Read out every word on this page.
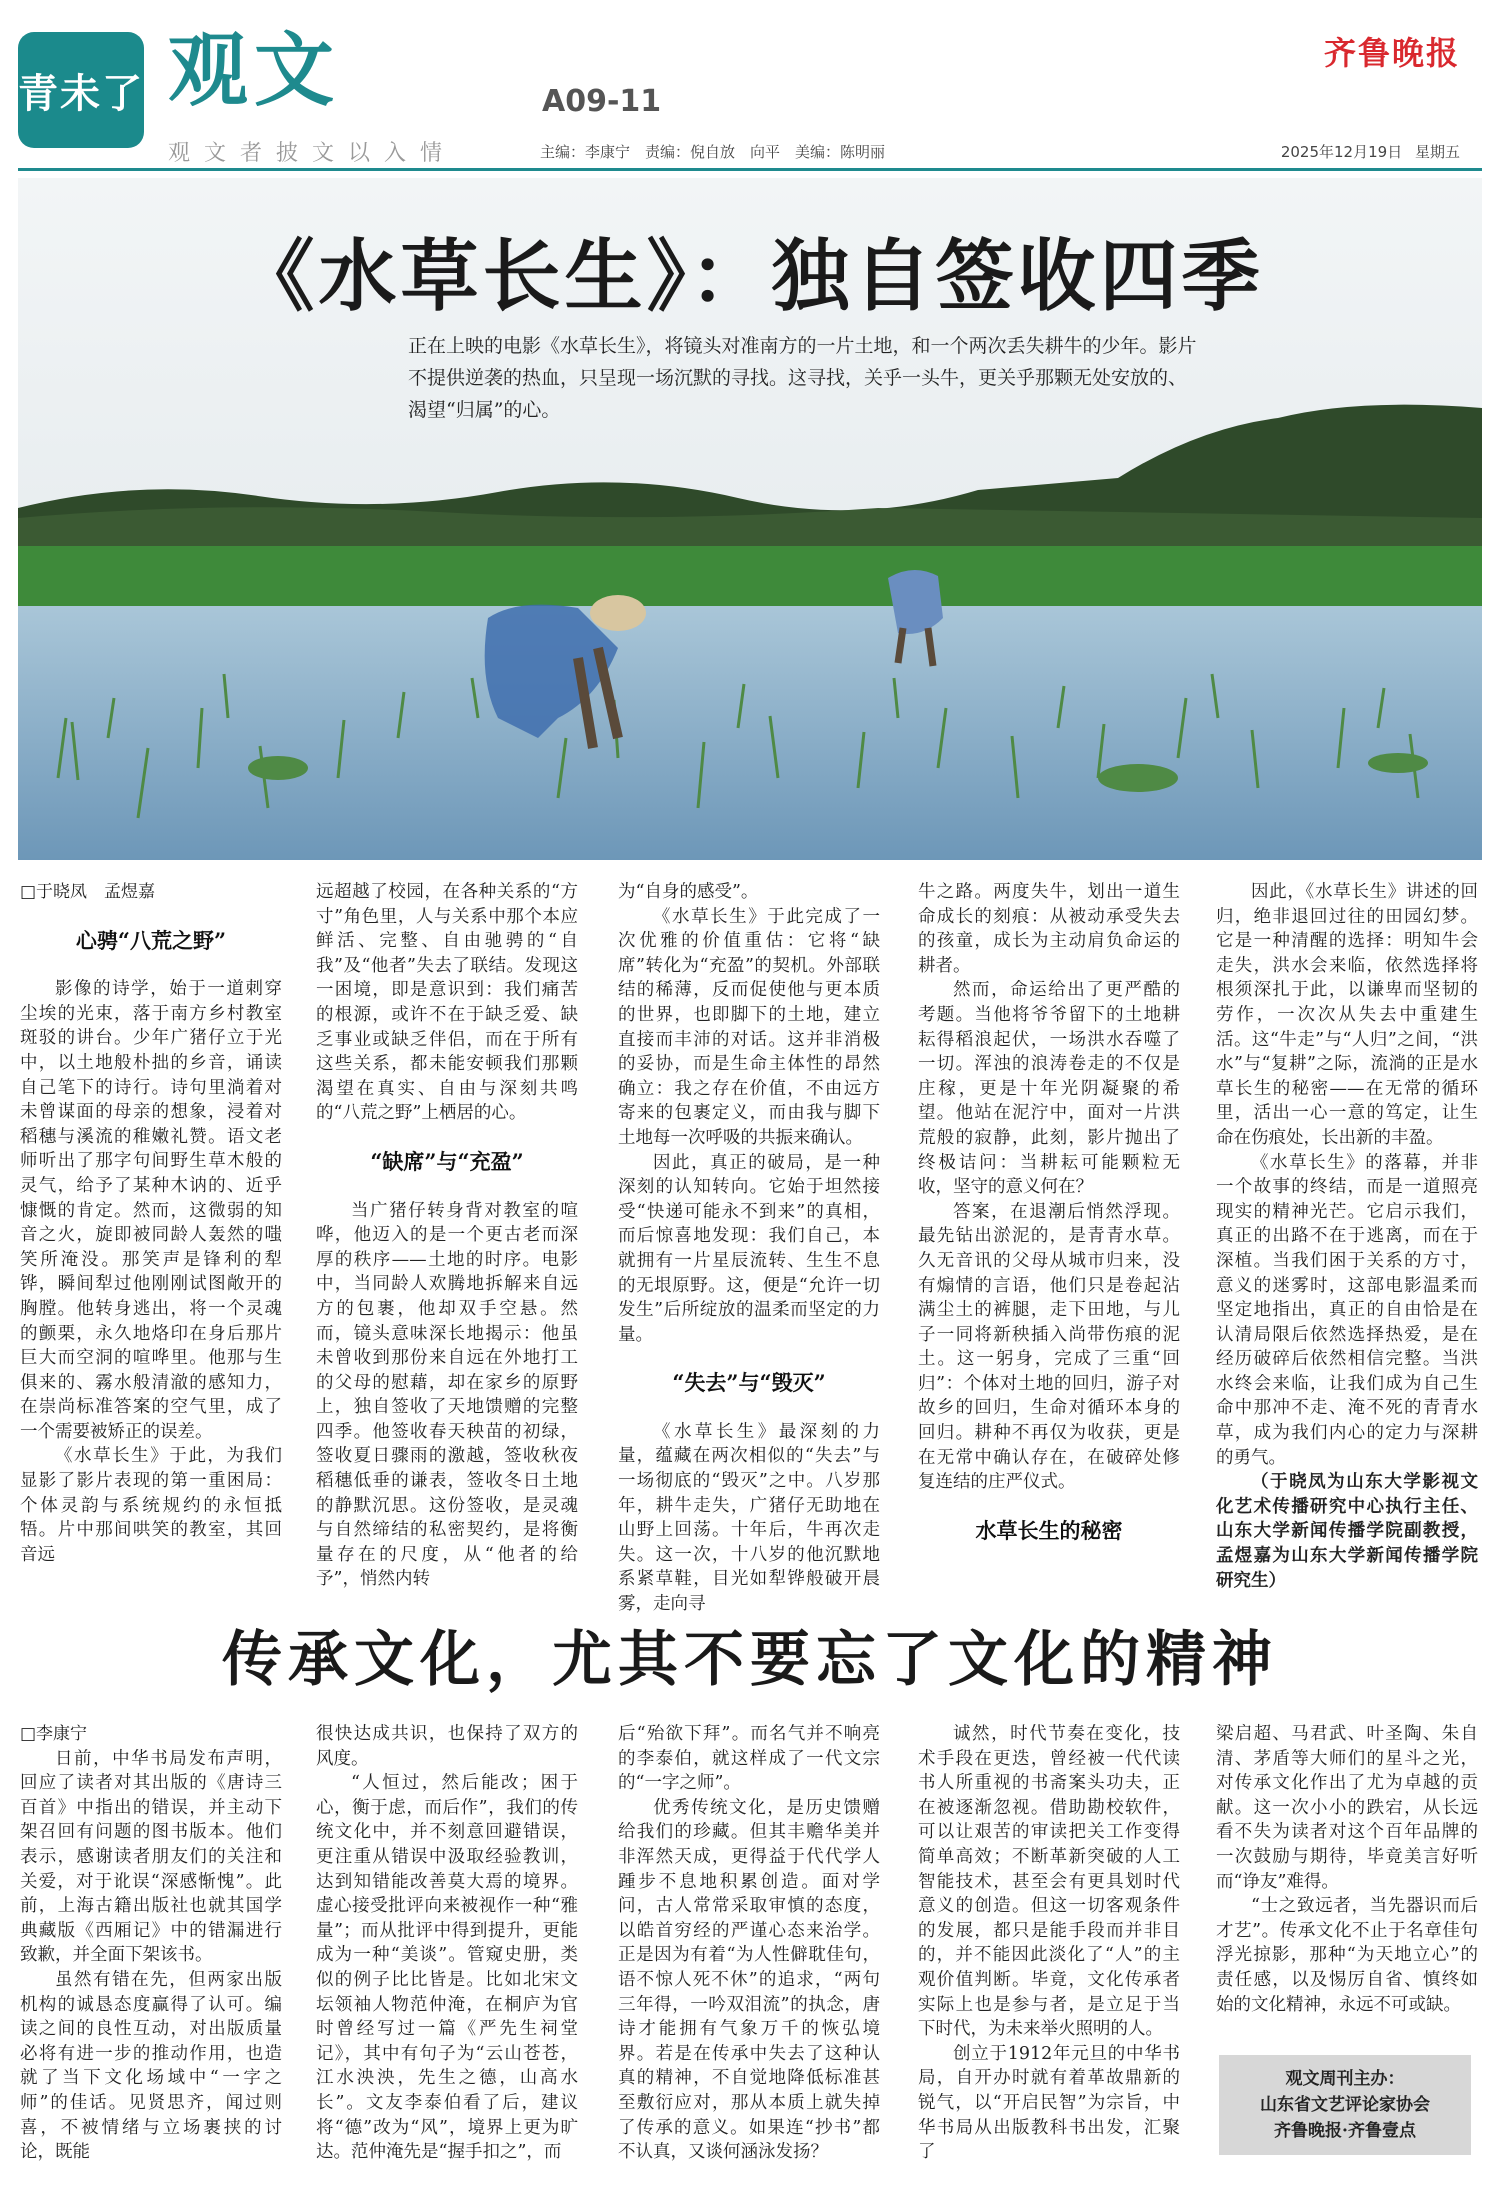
青未了 观文	A09-11
齐鲁晚报
观文者披文以入情	主编：李康宁　责编：倪自放　向平　美编：陈明丽	2025年12月19日 星期五
《水草长生》：独自签收四季
正在上映的电影《水草长生》，将镜头对准南方的一片土地，和一个两次丢失耕牛的少年。影片不提供逆袭的热血，只呈现一场沉默的寻找。这寻找，关乎一头牛，更关乎那颗无处安放的、渴望“归属”的心。

□于晓凤　孟煜嘉

心骋“八荒之野”

影像的诗学，始于一道刺穿尘埃的光束，落于南方乡村教室斑驳的讲台。少年广猪仔立于光中，以土地般朴拙的乡音，诵读自己笔下的诗行。诗句里淌着对未曾谋面的母亲的想象，浸着对稻穗与溪流的稚嫩礼赞。语文老师听出了那字句间野生草木般的灵气，给予了某种木讷的、近乎慷慨的肯定。然而，这微弱的知音之火，旋即被同龄人轰然的嗤笑所淹没。那笑声是锋利的犁铧，瞬间犁过他刚刚试图敞开的胸膛。他转身逃出，将一个灵魂的颤栗，永久地烙印在身后那片巨大而空洞的喧哗里。他那与生俱来的、霧水般清澈的感知力，在崇尚标准答案的空气里，成了一个需要被矫正的误差。

《水草长生》于此，为我们显影了影片表现的第一重困局：个体灵韵与系统规约的永恒抵牾。片中那间哄笑的教室，其回音远

远超越了校园，在各种关系的“方寸”角色里，人与关系中那个本应鲜活、完整、自由驰骋的“自我”及“他者”失去了联结。发现这一困境，即是意识到：我们痛苦的根源，或许不在于缺乏爱、缺乏事业或缺乏伴侣，而在于所有这些关系，都未能安顿我们那颗渴望在真实、自由与深刻共鸣的“八荒之野”上栖居的心。

“缺席”与“充盈”

当广猪仔转身背对教室的喧哗，他迈入的是一个更古老而深厚的秩序——土地的时序。电影中，当同龄人欢腾地拆解来自远方的包裹，他却双手空悬。然而，镜头意味深长地揭示：他虽未曾收到那份来自远在外地打工的父母的慰藉，却在家乡的原野上，独自签收了天地馈赠的完整四季。他签收春天秧苗的初绿，签收夏日骤雨的激越，签收秋夜稻穗低垂的谦表，签收冬日土地的静默沉思。这份签收，是灵魂与自然缔结的私密契约，是将衡量存在的尺度，从“他者的给予”，悄然内转

为“自身的感受”。

《水草长生》于此完成了一次优雅的价值重估：它将“缺席”转化为“充盈”的契机。外部联结的稀薄，反而促使他与更本质的世界，也即脚下的土地，建立直接而丰沛的对话。这并非消极的妥协，而是生命主体性的昂然确立：我之存在价值，不由远方寄来的包裹定义，而由我与脚下土地每一次呼吸的共振来确认。

因此，真正的破局，是一种深刻的认知转向。它始于坦然接受“快递可能永不到来”的真相，而后惊喜地发现：我们自己，本就拥有一片星辰流转、生生不息的无垠原野。这，便是“允许一切发生”后所绽放的温柔而坚定的力量。

“失去”与“毁灭”

《水草长生》最深刻的力量，蕴藏在两次相似的“失去”与一场彻底的“毁灭”之中。八岁那年，耕牛走失，广猪仔无助地在山野上回荡。十年后，牛再次走失。这一次，十八岁的他沉默地系紧草鞋，目光如犁铧般破开晨雾，走向寻

牛之路。两度失牛，划出一道生命成长的刻痕：从被动承受失去的孩童，成长为主动肩负命运的耕者。

然而，命运给出了更严酷的考题。当他将爷爷留下的土地耕耘得稻浪起伏，一场洪水吞噬了一切。浑浊的浪涛卷走的不仅是庄稼，更是十年光阴凝聚的希望。他站在泥泞中，面对一片洪荒般的寂静，此刻，影片抛出了终极诘问：当耕耘可能颗粒无收，坚守的意义何在？

答案，在退潮后悄然浮现。最先钻出淤泥的，是青青水草。久无音讯的父母从城市归来，没有煽情的言语，他们只是卷起沾满尘土的裤腿，走下田地，与儿子一同将新秧插入尚带伤痕的泥土。这一躬身，完成了三重“回归”：个体对土地的回归，游子对故乡的回归，生命对循环本身的回归。耕种不再仅为收获，更是在无常中确认存在，在破碎处修复连结的庄严仪式。

水草长生的秘密

因此，《水草长生》讲述的回归，绝非退回过往的田园幻梦。它是一种清醒的选择：明知牛会走失，洪水会来临，依然选择将根须深扎于此，以谦卑而坚韧的劳作，一次次从失去中重建生活。这“牛走”与“人归”之间，“洪水”与“复耕”之际，流淌的正是水草长生的秘密——在无常的循环里，活出一心一意的笃定，让生命在伤痕处，长出新的丰盈。

《水草长生》的落幕，并非一个故事的终结，而是一道照亮现实的精神光芒。它启示我们，真正的出路不在于逃离，而在于深植。当我们困于关系的方寸，意义的迷雾时，这部电影温柔而坚定地指出，真正的自由恰是在认清局限后依然选择热爱，是在经历破碎后依然相信完整。当洪水终会来临，让我们成为自己生命中那冲不走、淹不死的青青水草，成为我们内心的定力与深耕的勇气。

（于晓凤为山东大学影视文化艺术传播研究中心执行主任、山东大学新闻传播学院副教授，孟煜嘉为山东大学新闻传播学院研究生）

传承文化，尤其不要忘了文化的精神

□李康宁

日前，中华书局发布声明，回应了读者对其出版的《唐诗三百首》中指出的错误，并主动下架召回有问题的图书版本。他们表示，感谢读者朋友们的关注和关爱，对于讹误“深感惭愧”。此前，上海古籍出版社也就其国学典藏版《西厢记》中的错漏进行致歉，并全面下架该书。

虽然有错在先，但两家出版机构的诚恳态度赢得了认可。编读之间的良性互动，对出版质量必将有进一步的推动作用，也造就了当下文化场域中“一字之师”的佳话。见贤思齐，闻过则喜，不被情绪与立场裹挟的讨论，既能

很快达成共识，也保持了双方的风度。

“人恒过，然后能改；困于心，衡于虑，而后作”，我们的传统文化中，并不刻意回避错误，更注重从错误中汲取经验教训，达到知错能改善莫大焉的境界。虚心接受批评向来被视作一种“雅量”；而从批评中得到提升，更能成为一种“美谈”。管窥史册，类似的例子比比皆是。比如北宋文坛领袖人物范仲淹，在桐庐为官时曾经写过一篇《严先生祠堂记》，其中有句子为“云山苍苍，江水泱泱，先生之德，山高水长”。文友李泰伯看了后，建议将“德”改为“风”，境界上更为旷达。范仲淹先是“握手扣之”，而

后“殆欲下拜”。而名气并不响亮的李泰伯，就这样成了一代文宗的“一字之师”。

优秀传统文化，是历史馈赠给我们的珍藏。但其丰赡华美并非浑然天成，更得益于代代学人踵步不息地积累创造。面对学问，古人常常采取审慎的态度，以皓首穷经的严谨心态来治学。正是因为有着“为人性僻耽佳句，语不惊人死不休”的追求，“两句三年得，一吟双泪流”的执念，唐诗才能拥有气象万千的恢弘境界。若是在传承中失去了这种认真的精神，不自觉地降低标准甚至敷衍应对，那从本质上就失掉了传承的意义。如果连“抄书”都不认真，又谈何涵泳发扬？

诚然，时代节奏在变化，技术手段在更迭，曾经被一代代读书人所重视的书斋案头功夫，正在被逐渐忽视。借助勘校软件，可以让艰苦的审读把关工作变得简单高效；不断革新突破的人工智能技术，甚至会有更具划时代意义的创造。但这一切客观条件的发展，都只是能手段而并非目的，并不能因此淡化了“人”的主观价值判断。毕竟，文化传承者实际上也是参与者，是立足于当下时代，为未来举火照明的人。

创立于1912年元旦的中华书局，自开办时就有着革故鼎新的锐气，以“开启民智”为宗旨，中华书局从出版教科书出发，汇聚了

梁启超、马君武、叶圣陶、朱自清、茅盾等大师们的星斗之光，对传承文化作出了尤为卓越的贡献。这一次小小的跌宕，从长远看不失为读者对这个百年品牌的一次鼓励与期待，毕竟美言好听而“诤友”难得。

“士之致远者，当先器识而后才艺”。传承文化不止于名章佳句浮光掠影，那种“为天地立心”的责任感，以及惕厉自省、慎终如始的文化精神，永远不可或缺。

观文周刊主办：
山东省文艺评论家协会
齐鲁晚报·齐鲁壹点
